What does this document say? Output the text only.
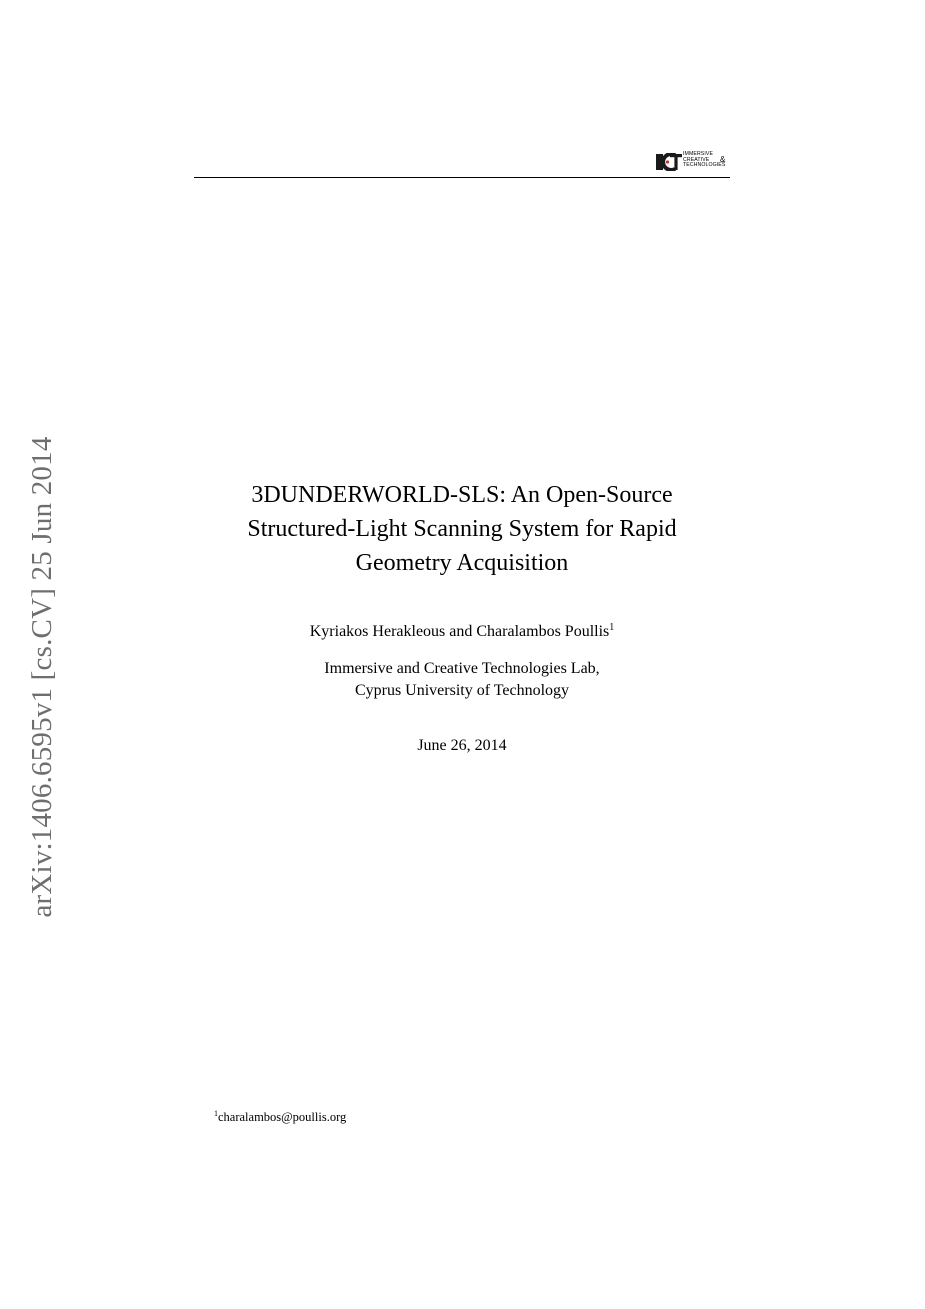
IMMERSIVE
CREATIVE
TECHNOLOGIES
&
arXiv:1406.6595v1 [cs.CV] 25 Jun 2014	3DUNDERWORLD-SLS: An Open-Source
Structured-Light Scanning System for Rapid
Geometry Acquisition
Kyriakos Herakleous and Charalambos Poullis$^1$
Immersive and Creative Technologies Lab,
Cyprus University of Technology
June 26, 2014
$^1$charalambos@poullis.org
